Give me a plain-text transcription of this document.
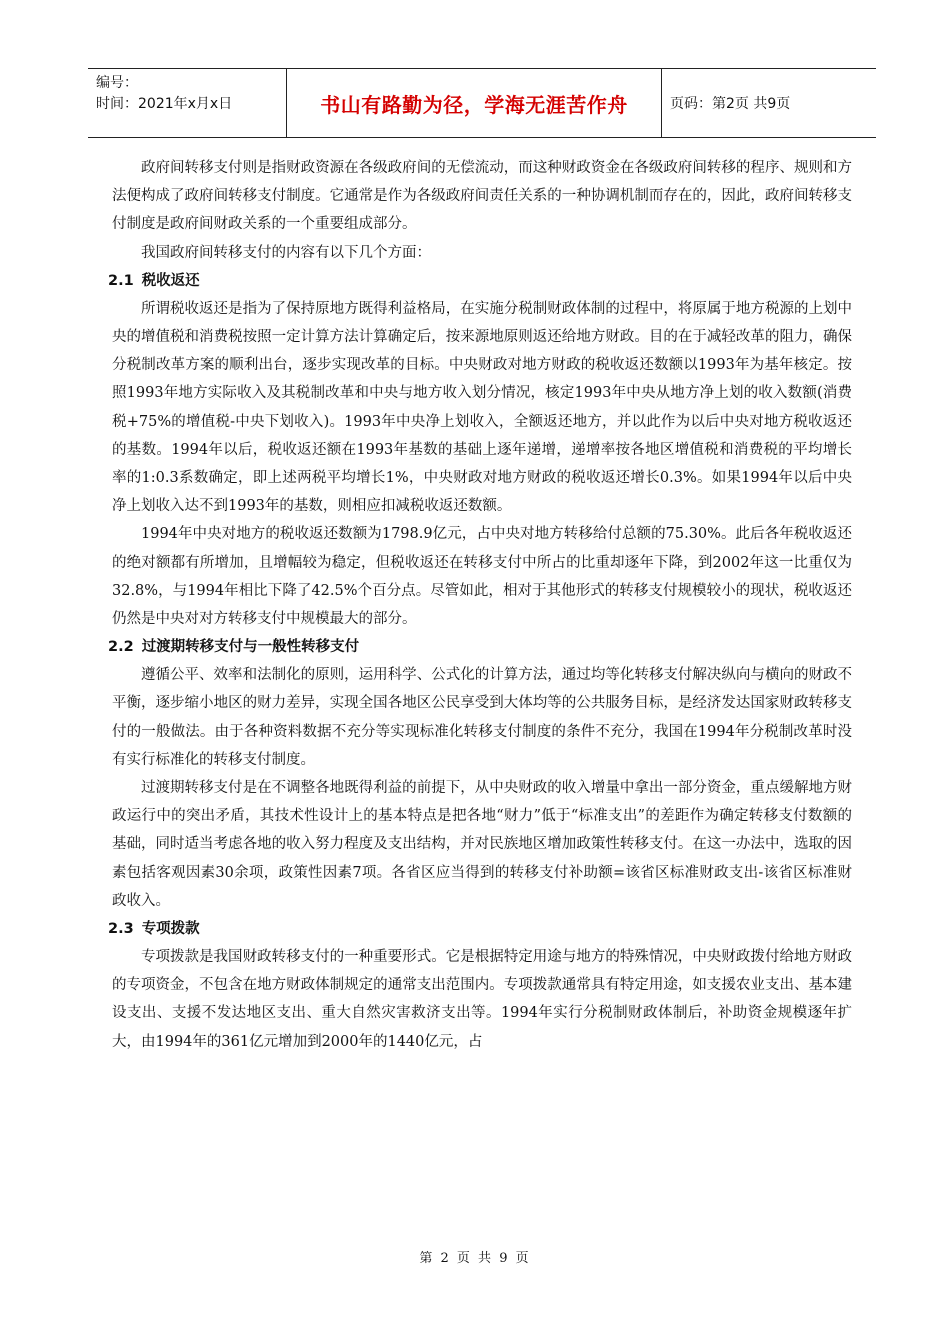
编号：
时间：2021年x月x日	书山有路勤为径，学海无涯苦作舟	页码：第2页 共9页

政府间转移支付则是指财政资源在各级政府间的无偿流动，而这种财政资金在各级政府间转移的程序、规则和方法便构成了政府间转移支付制度。它通常是作为各级政府间责任关系的一种协调机制而存在的，因此，政府间转移支付制度是政府间财政关系的一个重要组成部分。

我国政府间转移支付的内容有以下几个方面：

2.1 税收返还

所谓税收返还是指为了保持原地方既得利益格局，在实施分税制财政体制的过程中，将原属于地方税源的上划中央的增值税和消费税按照一定计算方法计算确定后，按来源地原则返还给地方财政。目的在于减轻改革的阻力，确保分税制改革方案的顺利出台，逐步实现改革的目标。中央财政对地方财政的税收返还数额以1993年为基年核定。按照1993年地方实际收入及其税制改革和中央与地方收入划分情况，核定1993年中央从地方净上划的收入数额(消费税+75%的增值税-中央下划收入)。1993年中央净上划收入，全额返还地方，并以此作为以后中央对地方税收返还的基数。1994年以后，税收返还额在1993年基数的基础上逐年递增，递增率按各地区增值税和消费税的平均增长率的1:0.3系数确定，即上述两税平均增长1%，中央财政对地方财政的税收返还增长0.3%。如果1994年以后中央净上划收入达不到1993年的基数，则相应扣减税收返还数额。

1994年中央对地方的税收返还数额为1798.9亿元，占中央对地方转移给付总额的75.30%。此后各年税收返还的绝对额都有所增加，且增幅较为稳定，但税收返还在转移支付中所占的比重却逐年下降，到2002年这一比重仅为32.8%，与1994年相比下降了42.5%个百分点。尽管如此，相对于其他形式的转移支付规模较小的现状，税收返还仍然是中央对对方转移支付中规模最大的部分。

2.2 过渡期转移支付与一般性转移支付

遵循公平、效率和法制化的原则，运用科学、公式化的计算方法，通过均等化转移支付解决纵向与横向的财政不平衡，逐步缩小地区的财力差异，实现全国各地区公民享受到大体均等的公共服务目标，是经济发达国家财政转移支付的一般做法。由于各种资料数据不充分等实现标准化转移支付制度的条件不充分，我国在1994年分税制改革时没有实行标准化的转移支付制度。

过渡期转移支付是在不调整各地既得利益的前提下，从中央财政的收入增量中拿出一部分资金，重点缓解地方财政运行中的突出矛盾，其技术性设计上的基本特点是把各地“财力”低于“标准支出”的差距作为确定转移支付数额的基础，同时适当考虑各地的收入努力程度及支出结构，并对民族地区增加政策性转移支付。在这一办法中，选取的因素包括客观因素30余项，政策性因素7项。各省区应当得到的转移支付补助额=该省区标准财政支出-该省区标准财政收入。

2.3 专项拨款

专项拨款是我国财政转移支付的一种重要形式。它是根据特定用途与地方的特殊情况，中央财政拨付给地方财政的专项资金，不包含在地方财政体制规定的通常支出范围内。专项拨款通常具有特定用途，如支援农业支出、基本建设支出、支援不发达地区支出、重大自然灾害救济支出等。1994年实行分税制财政体制后，补助资金规模逐年扩大，由1994年的361亿元增加到2000年的1440亿元，占

第 2 页 共 9 页
